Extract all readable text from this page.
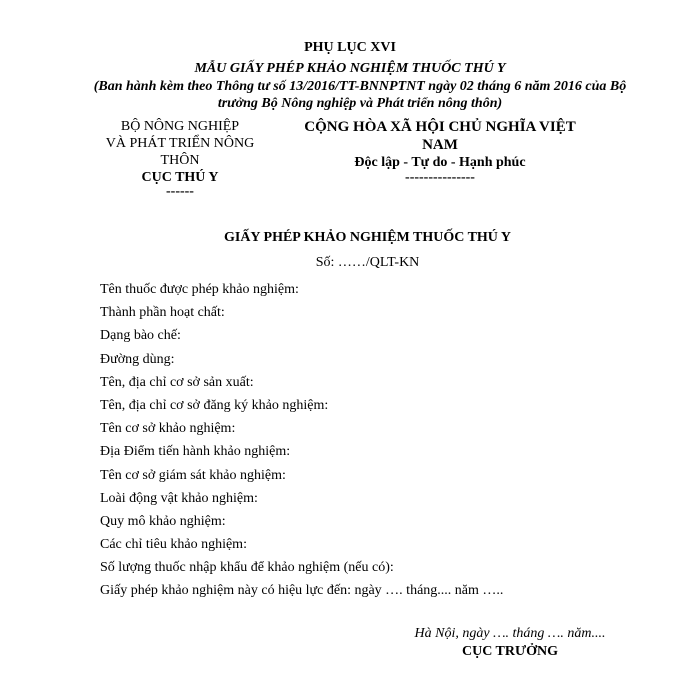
PHỤ LỤC XVI
MẪU GIẤY PHÉP KHẢO NGHIỆM THUỐC THÚ Y
(Ban hành kèm theo Thông tư số 13/2016/TT-BNNPTNT ngày 02 tháng 6 năm 2016 của Bộ
trưởng Bộ Nông nghiệp và Phát triển nông thôn)
BỘ NÔNG NGHIỆP
VÀ PHÁT TRIỂN NÔNG
THÔN
CỤC THÚ Y
------
CỘNG HÒA XÃ HỘI CHỦ NGHĨA VIỆT NAM
Độc lập - Tự do - Hạnh phúc
---------------
GIẤY PHÉP KHẢO NGHIỆM THUỐC THÚ Y
Số: ……/QLT-KN
Tên thuốc được phép khảo nghiệm:
Thành phần hoạt chất:
Dạng bào chế:
Đường dùng:
Tên, địa chỉ cơ sở sản xuất:
Tên, địa chỉ cơ sở đăng ký khảo nghiệm:
Tên cơ sở khảo nghiệm:
Địa Điểm tiến hành khảo nghiệm:
Tên cơ sở giám sát khảo nghiệm:
Loài động vật khảo nghiệm:
Quy mô khảo nghiệm:
Các chỉ tiêu khảo nghiệm:
Số lượng thuốc nhập khẩu để khảo nghiệm (nếu có):
Giấy phép khảo nghiệm này có hiệu lực đến: ngày …. tháng.... năm …..
Hà Nội, ngày …. tháng …. năm....
CỤC TRƯỞNG
